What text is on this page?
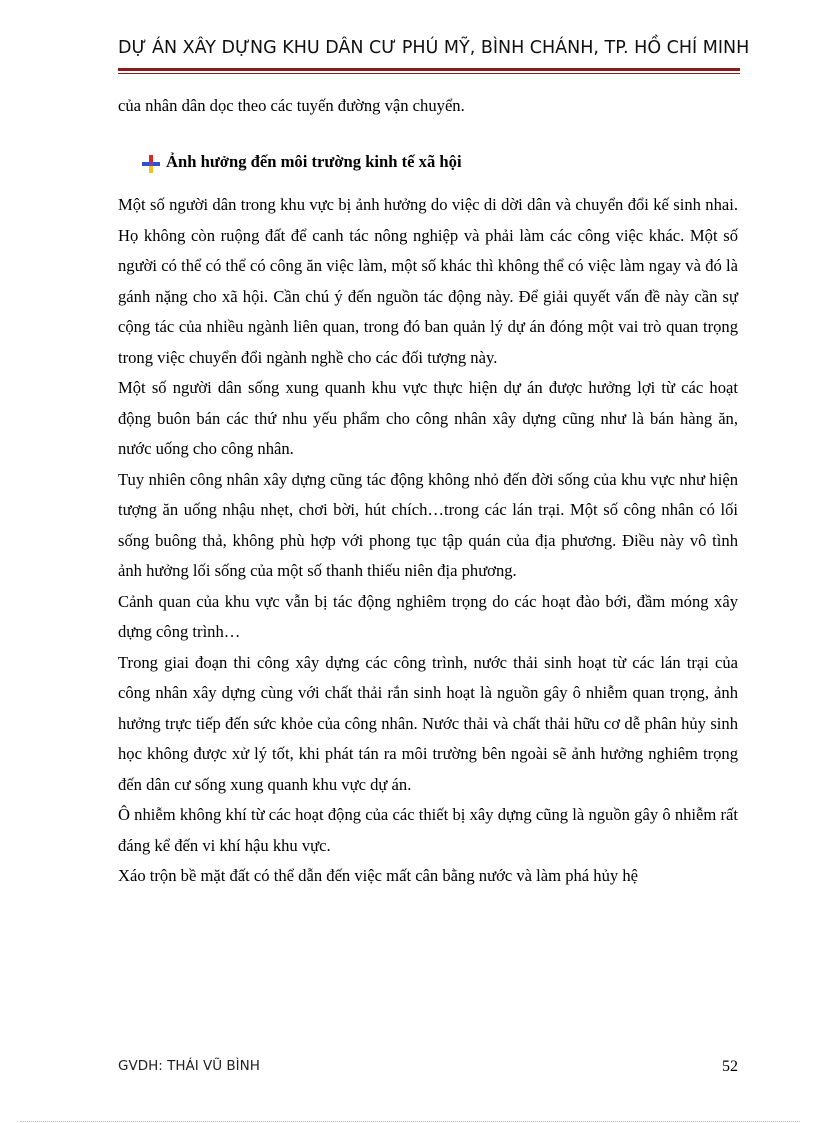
DỰ ÁN XÂY DỰNG KHU DÂN CƯ PHÚ MỸ, BÌNH CHÁNH, TP. HỒ CHÍ MINH

của nhân dân dọc theo các tuyến đường vận chuyển.

Ảnh hưởng đến môi trường kinh tế xã hội

Một số người dân trong khu vực bị ảnh hưởng do việc di dời dân và chuyển đổi kế sinh nhai. Họ không còn ruộng đất để canh tác nông nghiệp và phải làm các công việc khác. Một số người có thể có thể có công ăn việc làm, một số khác thì không thể có việc làm ngay và đó là gánh nặng cho xã hội. Cần chú ý đến nguồn tác động này. Để giải quyết vấn đề này cần sự cộng tác của nhiều ngành liên quan, trong đó ban quản lý dự án đóng một vai trò quan trọng trong việc chuyển đổi ngành nghề cho các đối tượng này.

Một số người dân sống xung quanh khu vực thực hiện dự án được hưởng lợi từ các hoạt động buôn bán các thứ nhu yếu phẩm cho công nhân xây dựng cũng như là bán hàng ăn, nước uống cho công nhân.

Tuy nhiên công nhân xây dựng cũng tác động không nhỏ đến đời sống của khu vực như hiện tượng ăn uống nhậu nhẹt, chơi bời, hút chích…trong các lán trại. Một số công nhân có lối sống buông thả, không phù hợp với phong tục tập quán của địa phương. Điều này vô tình ảnh hưởng lối sống của một số thanh thiếu niên địa phương.

Cảnh quan của khu vực vẫn bị tác động nghiêm trọng do các hoạt đào bới, đầm móng xây dựng công trình…

Trong giai đoạn thi công xây dựng các công trình, nước thải sinh hoạt từ các lán trại của công nhân xây dựng cùng với chất thải rắn sinh hoạt là nguồn gây ô nhiễm quan trọng, ảnh hưởng trực tiếp đến sức khỏe của công nhân. Nước thải và chất thải hữu cơ dễ phân hủy sinh học không được xử lý tốt, khi phát tán ra môi trường bên ngoài sẽ ảnh hưởng nghiêm trọng đến dân cư sống xung quanh khu vực dự án.

Ô nhiễm không khí từ các hoạt động của các thiết bị xây dựng cũng là nguồn gây ô nhiễm rất đáng kể đến vi khí hậu khu vực.

Xáo trộn bề mặt đất có thể dẫn đến việc mất cân bằng nước và làm phá hủy hệ

GVDH: THÁI VŨ BÌNH	52
